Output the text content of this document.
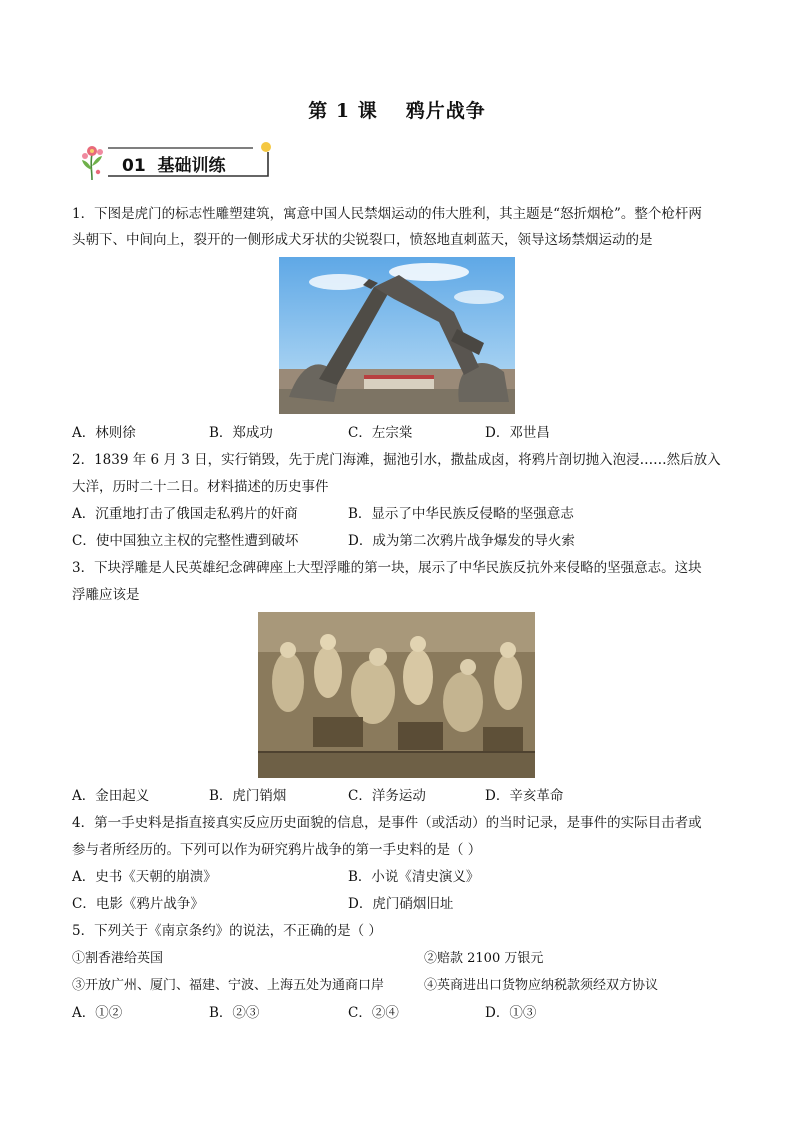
第 1 课 鸦片战争
01  基础训练
1．下图是虎门的标志性雕塑建筑，寓意中国人民禁烟运动的伟大胜利，其主题是“怒折烟枪”。整个枪杆两
头朝下、中间向上，裂开的一侧形成犬牙状的尖锐裂口，愤怒地直刺蓝天，领导这场禁烟运动的是
A．林则徐	B．郑成功	C．左宗棠	D．邓世昌
2．1839 年 6 月 3 日，实行销毁，先于虎门海滩，掘池引水，撒盐成卤，将鸦片剖切抛入泡浸……然后放入
大洋，历时二十二日。材料描述的历史事件
A．沉重地打击了俄国走私鸦片的奸商	B．显示了中华民族反侵略的坚强意志
C．使中国独立主权的完整性遭到破坏	D．成为第二次鸦片战争爆发的导火索
3．下块浮雕是人民英雄纪念碑碑座上大型浮雕的第一块，展示了中华民族反抗外来侵略的坚强意志。这块
浮雕应该是
A．金田起义	B．虎门销烟	C．洋务运动	D．辛亥革命
4．第一手史料是指直接真实反应历史面貌的信息，是事件（或活动）的当时记录，是事件的实际目击者或
参与者所经历的。下列可以作为研究鸦片战争的第一手史料的是（ ）
A．史书《天朝的崩溃》	B．小说《清史演义》
C．电影《鸦片战争》	D．虎门硝烟旧址
5．下列关于《南京条约》的说法，不正确的是（ ）
①割香港给英国	②赔款 2100 万银元
③开放广州、厦门、福建、宁波、上海五处为通商口岸	④英商进出口货物应纳税款须经双方协议
A．①②	B．②③	C．②④	D．①③
